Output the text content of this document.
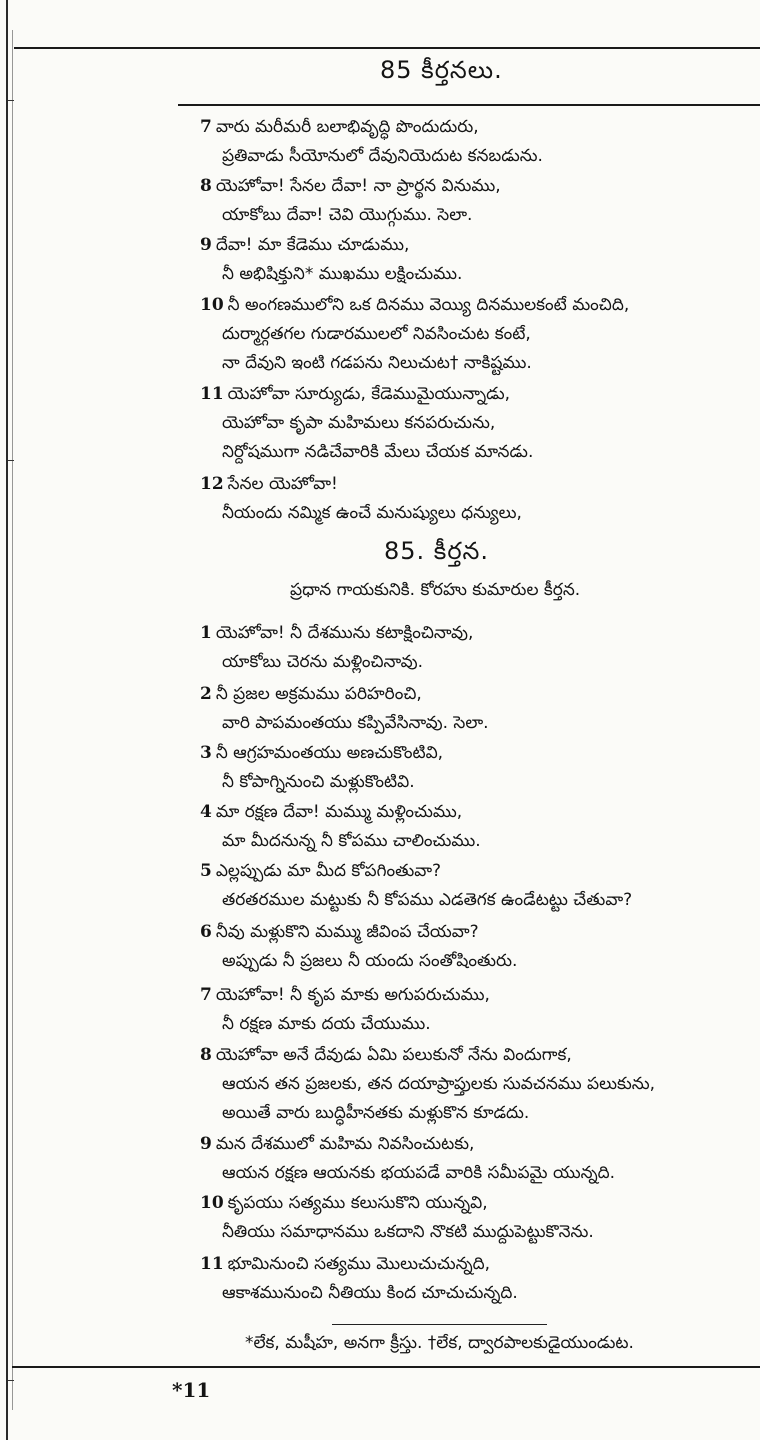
85 కీర్తనలు.
7 వారు మరీమరీ బలాభివృద్ధి పొందుదురు,
ప్రతివాడు సీయోనులో దేవునియెదుట కనబడును.
8 యెహోవా! సేనల దేవా! నా ప్రార్థన వినుము,
యాకోబు దేవా! చెవి యొగ్గుము. సెలా.
9 దేవా! మా కేడెము చూడుము,
నీ అభిషిక్తుని* ముఖము లక్షించుము.
10 నీ అంగణములోని ఒక దినము వెయ్యి దినములకంటే మంచిది,
దుర్మార్గతగల గుడారములలో నివసించుట కంటే,
నా దేవుని ఇంటి గడపను నిలుచుట† నాకిష్టము.
11 యెహోవా సూర్యుడు, కేడెముమైయున్నాడు,
యెహోవా కృపా మహిమలు కనపరుచును,
నిర్దోషముగా నడిచేవారికి మేలు చేయక మానడు.
12 సేనల యెహోవా!
నీయందు నమ్మిక ఉంచే మనుష్యులు ధన్యులు,
85. కీర్తన.
ప్రధాన గాయకునికి. కోరహు కుమారుల కీర్తన.
1 యెహోవా! నీ దేశమును కటాక్షించినావు,
యాకోబు చెరను మళ్లించినావు.
2 నీ ప్రజల అక్రమము పరిహరించి,
వారి పాపమంతయు కప్పివేసినావు. సెలా.
3 నీ ఆగ్రహమంతయు అణచుకొంటివి,
నీ కోపాగ్నినుంచి మళ్లుకొంటివి.
4 మా రక్షణ దేవా! మమ్ము మళ్లించుము,
మా మీదనున్న నీ కోపము చాలించుము.
5 ఎల్లప్పుడు మా మీద కోపగింతువా?
తరతరముల మట్టుకు నీ కోపము ఎడతెగక ఉండేటట్టు చేతువా?
6 నీవు మళ్లుకొని మమ్ము జీవింప చేయవా?
అప్పుడు నీ ప్రజలు నీ యందు సంతోషింతురు.
7 యెహోవా! నీ కృప మాకు అగుపరుచుము,
నీ రక్షణ మాకు దయ చేయుము.
8 యెహోవా అనే దేవుడు ఏమి పలుకునో నేను విందుగాక,
ఆయన తన ప్రజలకు, తన దయాప్రాప్తులకు సువచనము పలుకును,
అయితే వారు బుద్ధిహీనతకు మళ్లుకొన కూడదు.
9 మన దేశములో మహిమ నివసించుటకు,
ఆయన రక్షణ ఆయనకు భయపడే వారికి సమీపమై యున్నది.
10 కృపయు సత్యము కలుసుకొని యున్నవి,
నీతియు సమాధానము ఒకదాని నొకటి ముద్దుపెట్టుకొనెను.
11 భూమినుంచి సత్యము మొలుచుచున్నది,
ఆకాశమునుంచి నీతియు కింద చూచుచున్నది.
*లేక, మషీహ, అనగా క్రీస్తు. †లేక, ద్వారపాలకుడైయుండుట.
*11
